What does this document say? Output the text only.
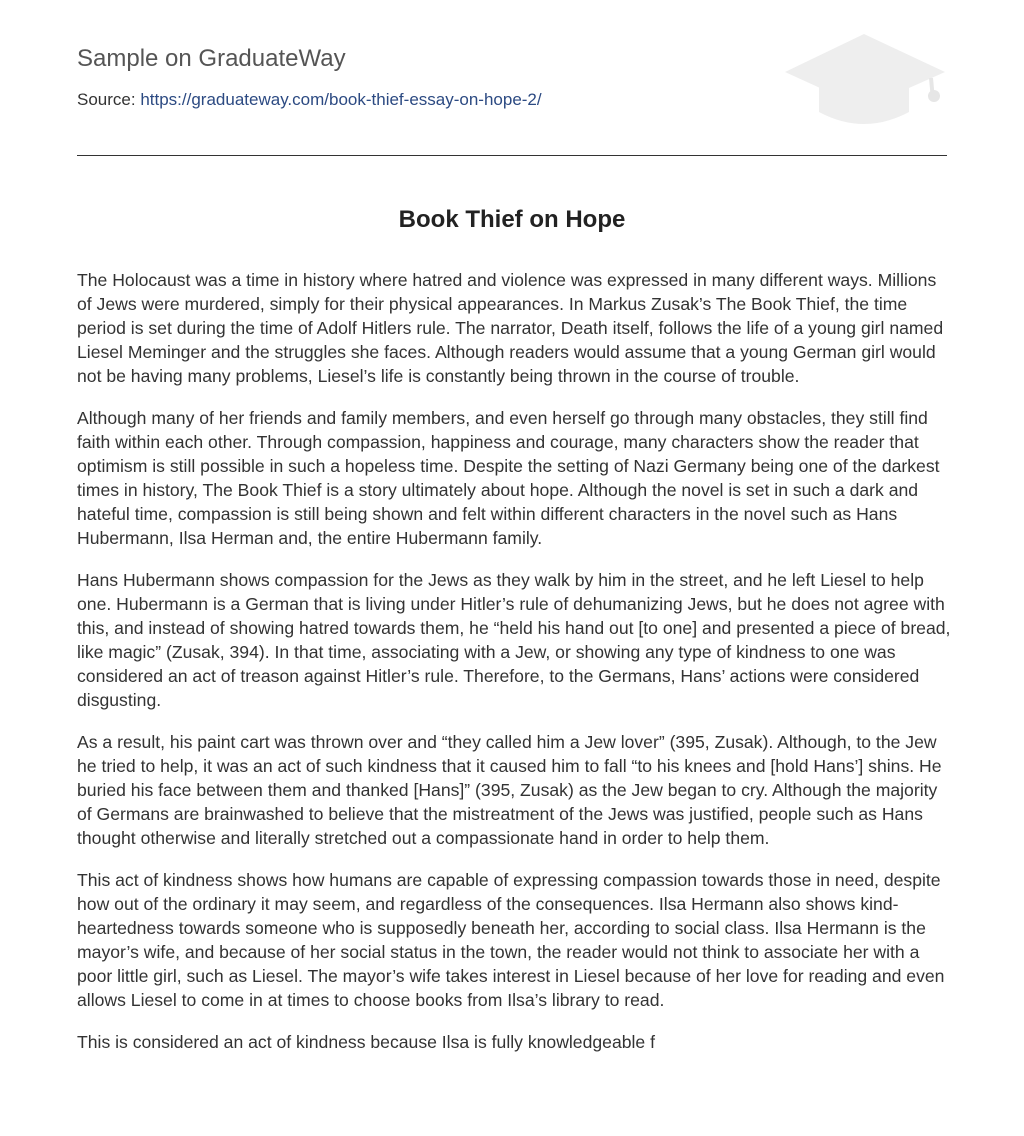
Sample on GraduateWay
Source: https://graduateway.com/book-thief-essay-on-hope-2/
Book Thief on Hope

The Holocaust was a time in history where hatred and violence was expressed in many different ways. Millions of Jews were murdered, simply for their physical appearances. In Markus Zusak’s The Book Thief, the time period is set during the time of Adolf Hitlers rule. The narrator, Death itself, follows the life of a young girl named Liesel Meminger and the struggles she faces. Although readers would assume that a young German girl would not be having many problems, Liesel’s life is constantly being thrown in the course of trouble.

Although many of her friends and family members, and even herself go through many obstacles, they still find faith within each other. Through compassion, happiness and courage, many characters show the reader that optimism is still possible in such a hopeless time. Despite the setting of Nazi Germany being one of the darkest times in history, The Book Thief is a story ultimately about hope. Although the novel is set in such a dark and hateful time, compassion is still being shown and felt within different characters in the novel such as Hans Hubermann, Ilsa Herman and, the entire Hubermann family.

Hans Hubermann shows compassion for the Jews as they walk by him in the street, and he left Liesel to help one. Hubermann is a German that is living under Hitler’s rule of dehumanizing Jews, but he does not agree with this, and instead of showing hatred towards them, he “held his hand out [to one] and presented a piece of bread, like magic” (Zusak, 394). In that time, associating with a Jew, or showing any type of kindness to one was considered an act of treason against Hitler’s rule. Therefore, to the Germans, Hans’ actions were considered disgusting.

As a result, his paint cart was thrown over and “they called him a Jew lover” (395, Zusak). Although, to the Jew he tried to help, it was an act of such kindness that it caused him to fall “to his knees and [hold Hans’] shins. He buried his face between them and thanked [Hans]” (395, Zusak) as the Jew began to cry. Although the majority of Germans are brainwashed to believe that the mistreatment of the Jews was justified, people such as Hans thought otherwise and literally stretched out a compassionate hand in order to help them.

This act of kindness shows how humans are capable of expressing compassion towards those in need, despite how out of the ordinary it may seem, and regardless of the consequences. Ilsa Hermann also shows kind-heartedness towards someone who is supposedly beneath her, according to social class. Ilsa Hermann is the mayor’s wife, and because of her social status in the town, the reader would not think to associate her with a poor little girl, such as Liesel. The mayor’s wife takes interest in Liesel because of her love for reading and even allows Liesel to come in at times to choose books from Ilsa’s library to read.

This is considered an act of kindness because Ilsa is fully knowledgeable f
